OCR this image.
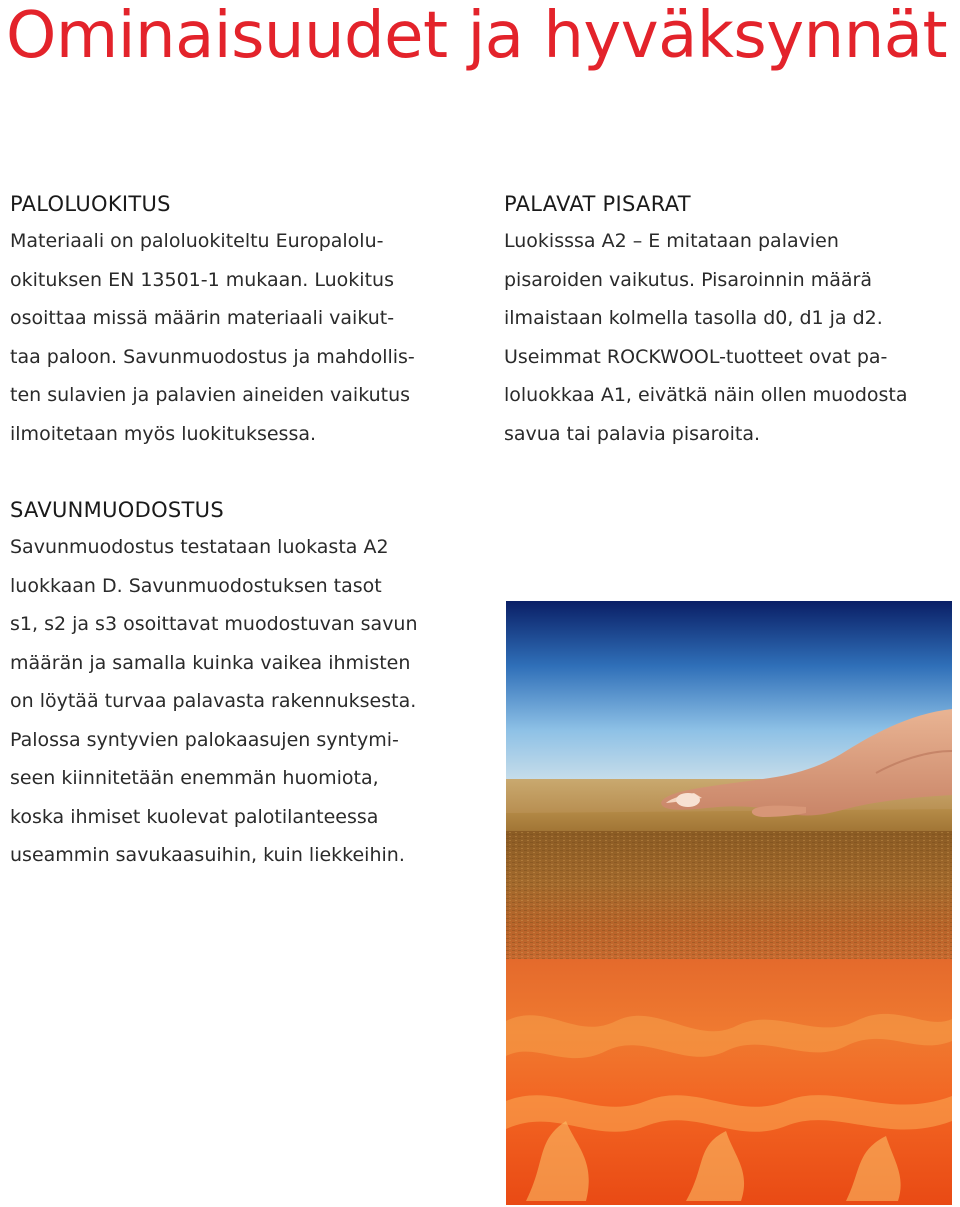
Ominaisuudet ja hyväksynnät
PALOLUOKITUS
Materiaali on paloluokiteltu Europalolu-
okituksen EN 13501-1 mukaan. Luokitus
osoittaa missä määrin materiaali vaikut-
taa paloon. Savunmuodostus ja mahdollis-
ten sulavien ja palavien aineiden vaikutus
ilmoitetaan myös luokituksessa.
PALAVAT PISARAT
Luokisssa A2 – E mitataan palavien
pisaroiden vaikutus. Pisaroinnin määrä
ilmaistaan kolmella tasolla d0, d1 ja d2.
Useimmat ROCKWOOL-tuotteet ovat pa-
loluokkaa A1, eivätkä näin ollen muodosta
savua tai palavia pisaroita.
SAVUNMUODOSTUS
Savunmuodostus testataan luokasta A2
luokkaan D. Savunmuodostuksen tasot
s1, s2 ja s3 osoittavat muodostuvan savun
määrän ja samalla kuinka vaikea ihmisten
on löytää turvaa palavasta rakennuksesta.
Palossa syntyvien palokaasujen syntymi-
seen kiinnitetään enemmän huomiota,
koska ihmiset kuolevat palotilanteessa
useammin savukaasuihin, kuin liekkeihin.
